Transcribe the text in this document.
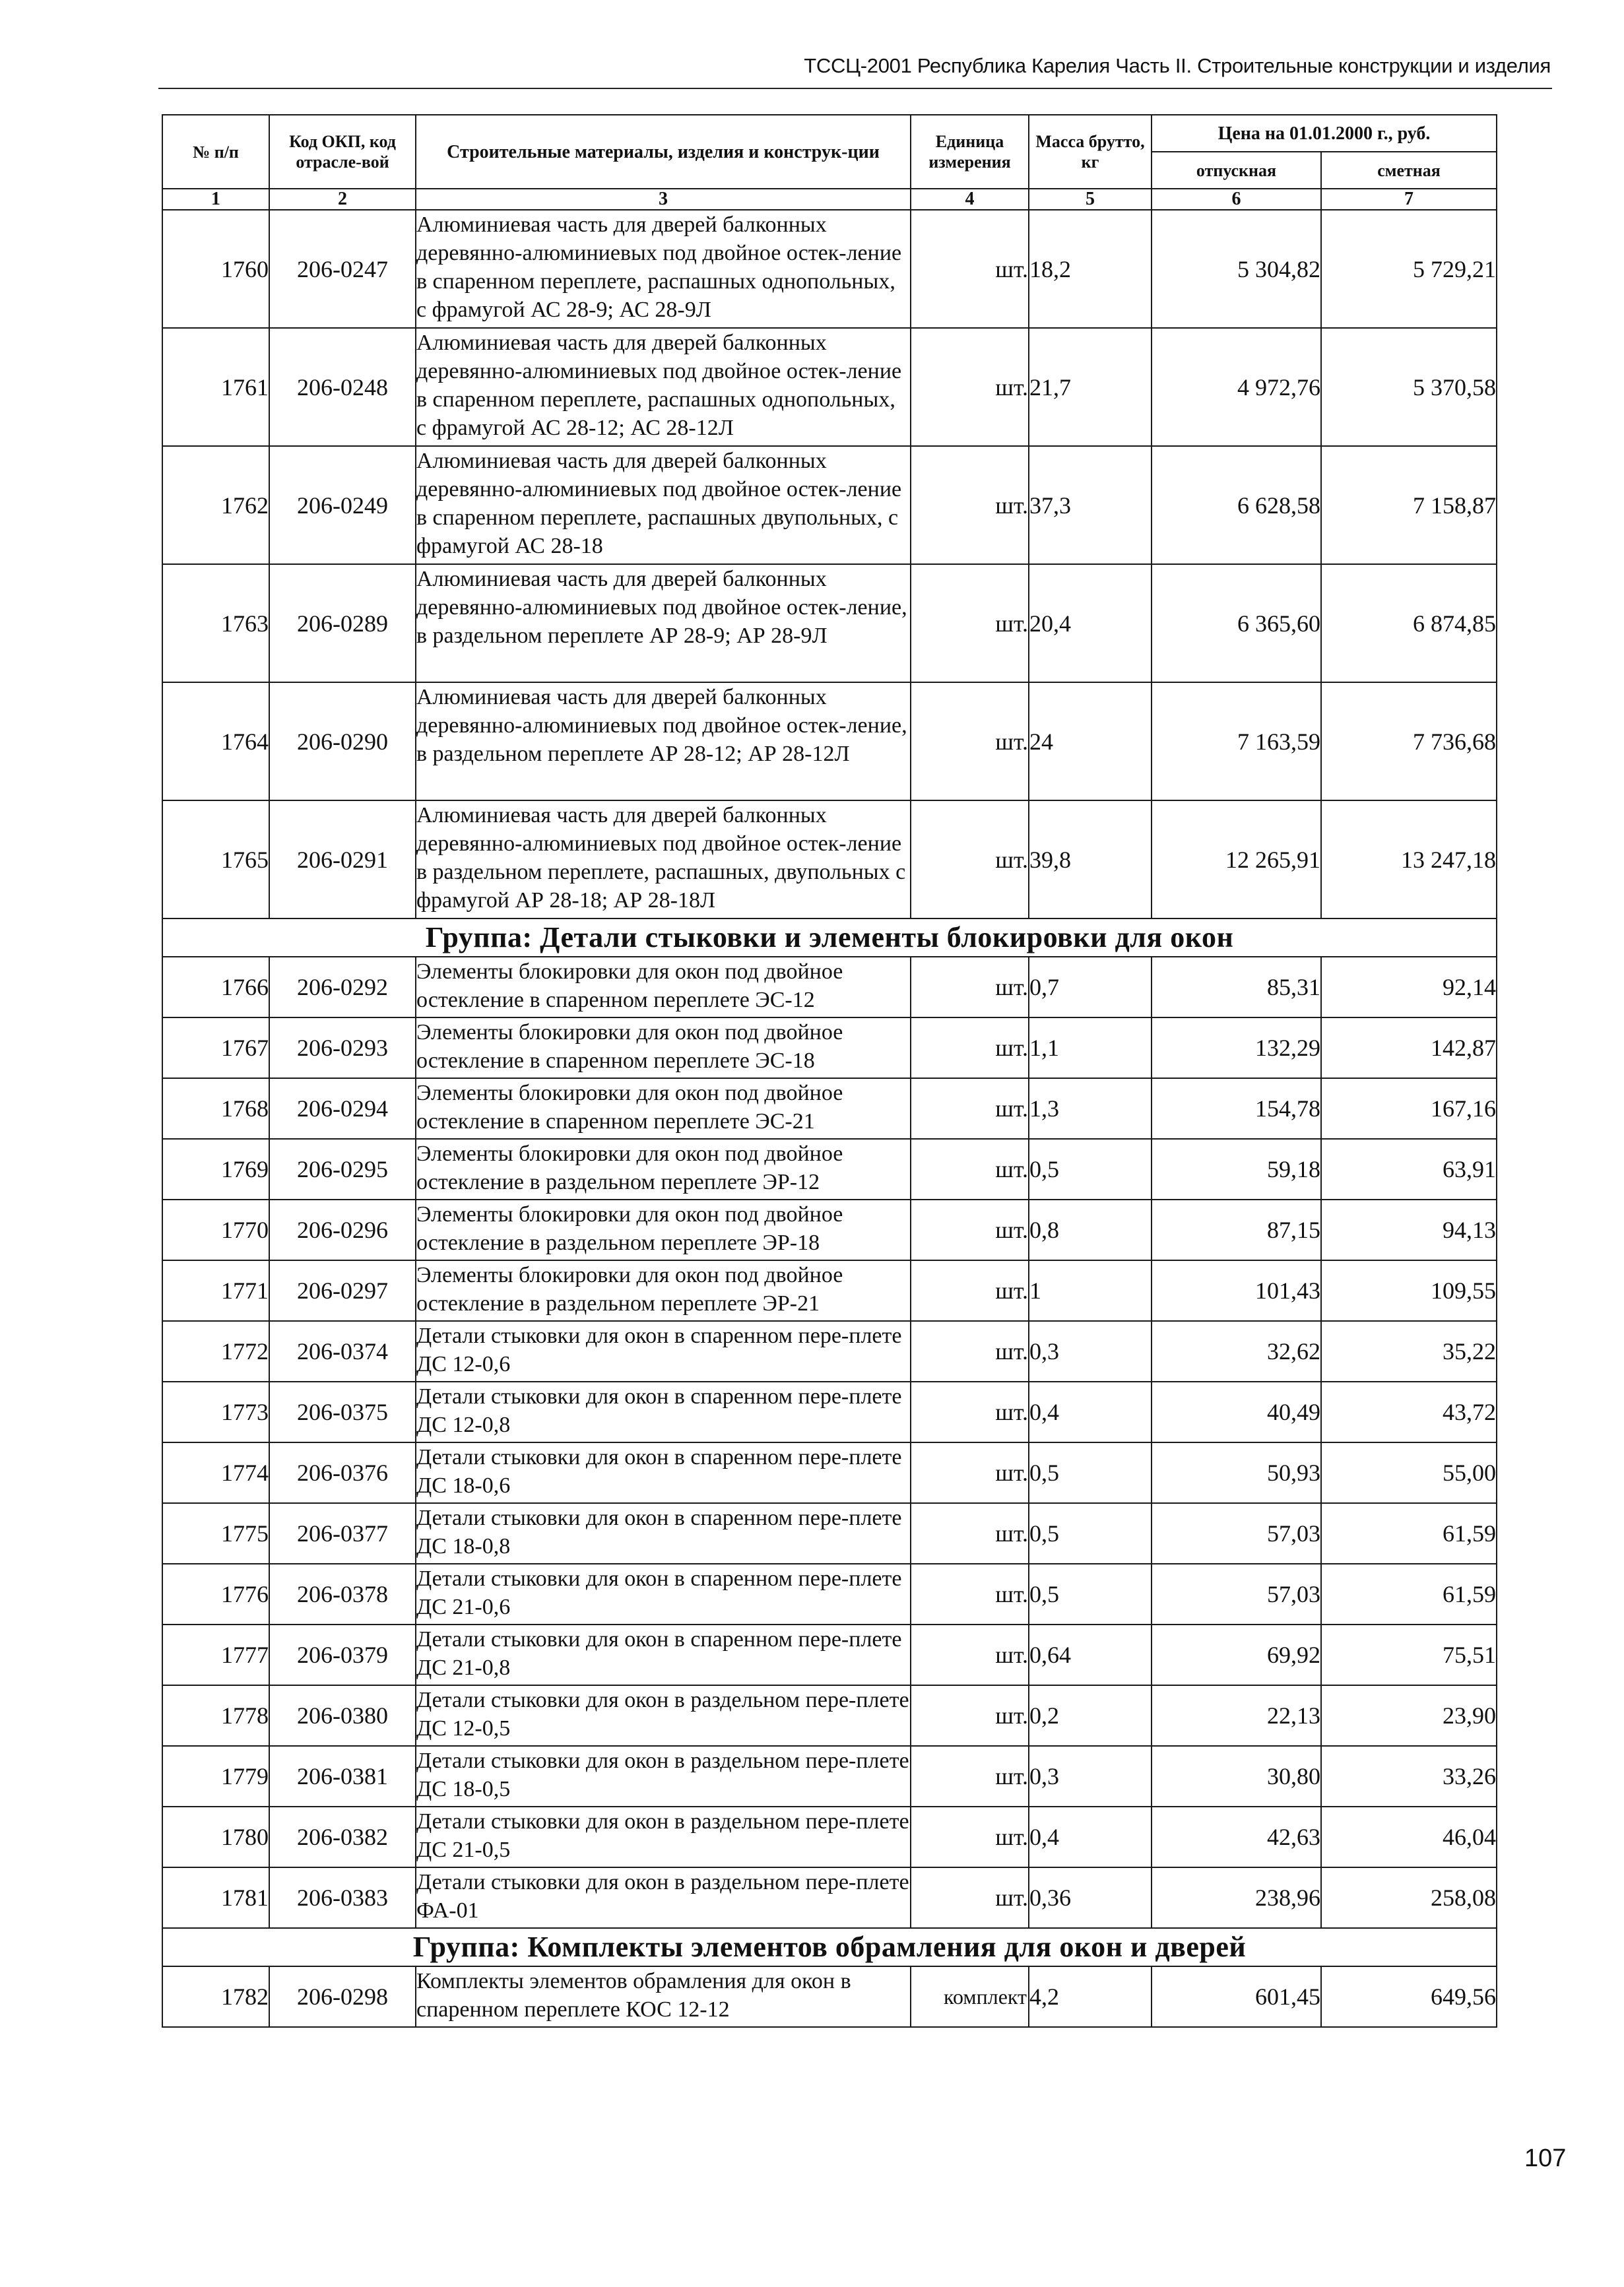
ТССЦ-2001 Республика Карелия Часть II. Строительные конструкции и изделия
№ п/п	Код ОКП, код отрасле-вой	Строительные материалы, изделия и конструк-ции	Единица измерения	Масса брутто, кг	Цена на 01.01.2000 г., руб.	
					отпускная	сметная
1	2	3	4	5	6	7
1760	206-0247	Алюминиевая часть для дверей балконных деревянно-алюминиевых под двойное остек-ление в спаренном переплете, распашных однопольных, с фрамугой АС 28-9; АС 28-9Л	шт.	18,2	5 304,82	5 729,21
1761	206-0248	Алюминиевая часть для дверей балконных деревянно-алюминиевых под двойное остек-ление в спаренном переплете, распашных однопольных, с фрамугой АС 28-12; АС 28-12Л	шт.	21,7	4 972,76	5 370,58
1762	206-0249	Алюминиевая часть для дверей балконных деревянно-алюминиевых под двойное остек-ление в спаренном переплете, распашных двупольных, с фрамугой АС 28-18	шт.	37,3	6 628,58	7 158,87
1763	206-0289	Алюминиевая часть для дверей балконных деревянно-алюминиевых под двойное остек-ление, в раздельном переплете АР 28-9; АР 28-9Л	шт.	20,4	6 365,60	6 874,85
1764	206-0290	Алюминиевая часть для дверей балконных деревянно-алюминиевых под двойное остек-ление, в раздельном переплете АР 28-12; АР 28-12Л	шт.	24	7 163,59	7 736,68
1765	206-0291	Алюминиевая часть для дверей балконных деревянно-алюминиевых под двойное остек-ление в раздельном переплете, распашных, двупольных с фрамугой АР 28-18; АР 28-18Л	шт.	39,8	12 265,91	13 247,18
Группа: Детали стыковки и элементы блокировки для окон						
1766	206-0292	Элементы блокировки для окон под двойное остекление в спаренном переплете ЭС-12	шт.	0,7	85,31	92,14
1767	206-0293	Элементы блокировки для окон под двойное остекление в спаренном переплете ЭС-18	шт.	1,1	132,29	142,87
1768	206-0294	Элементы блокировки для окон под двойное остекление в спаренном переплете ЭС-21	шт.	1,3	154,78	167,16
1769	206-0295	Элементы блокировки для окон под двойное остекление в раздельном переплете ЭР-12	шт.	0,5	59,18	63,91
1770	206-0296	Элементы блокировки для окон под двойное остекление в раздельном переплете ЭР-18	шт.	0,8	87,15	94,13
1771	206-0297	Элементы блокировки для окон под двойное остекление в раздельном переплете ЭР-21	шт.	1	101,43	109,55
1772	206-0374	Детали стыковки для окон в спаренном пере-плете ДС 12-0,6	шт.	0,3	32,62	35,22
1773	206-0375	Детали стыковки для окон в спаренном пере-плете ДС 12-0,8	шт.	0,4	40,49	43,72
1774	206-0376	Детали стыковки для окон в спаренном пере-плете ДС 18-0,6	шт.	0,5	50,93	55,00
1775	206-0377	Детали стыковки для окон в спаренном пере-плете ДС 18-0,8	шт.	0,5	57,03	61,59
1776	206-0378	Детали стыковки для окон в спаренном пере-плете ДС 21-0,6	шт.	0,5	57,03	61,59
1777	206-0379	Детали стыковки для окон в спаренном пере-плете ДС 21-0,8	шт.	0,64	69,92	75,51
1778	206-0380	Детали стыковки для окон в раздельном пере-плете ДС 12-0,5	шт.	0,2	22,13	23,90
1779	206-0381	Детали стыковки для окон в раздельном пере-плете ДС 18-0,5	шт.	0,3	30,80	33,26
1780	206-0382	Детали стыковки для окон в раздельном пере-плете ДС 21-0,5	шт.	0,4	42,63	46,04
1781	206-0383	Детали стыковки для окон в раздельном пере-плете ФА-01	шт.	0,36	238,96	258,08
Группа: Комплекты элементов обрамления для окон и дверей						
1782	206-0298	Комплекты элементов обрамления для окон в спаренном переплете КОС 12-12	комплект	4,2	601,45	649,56
107
